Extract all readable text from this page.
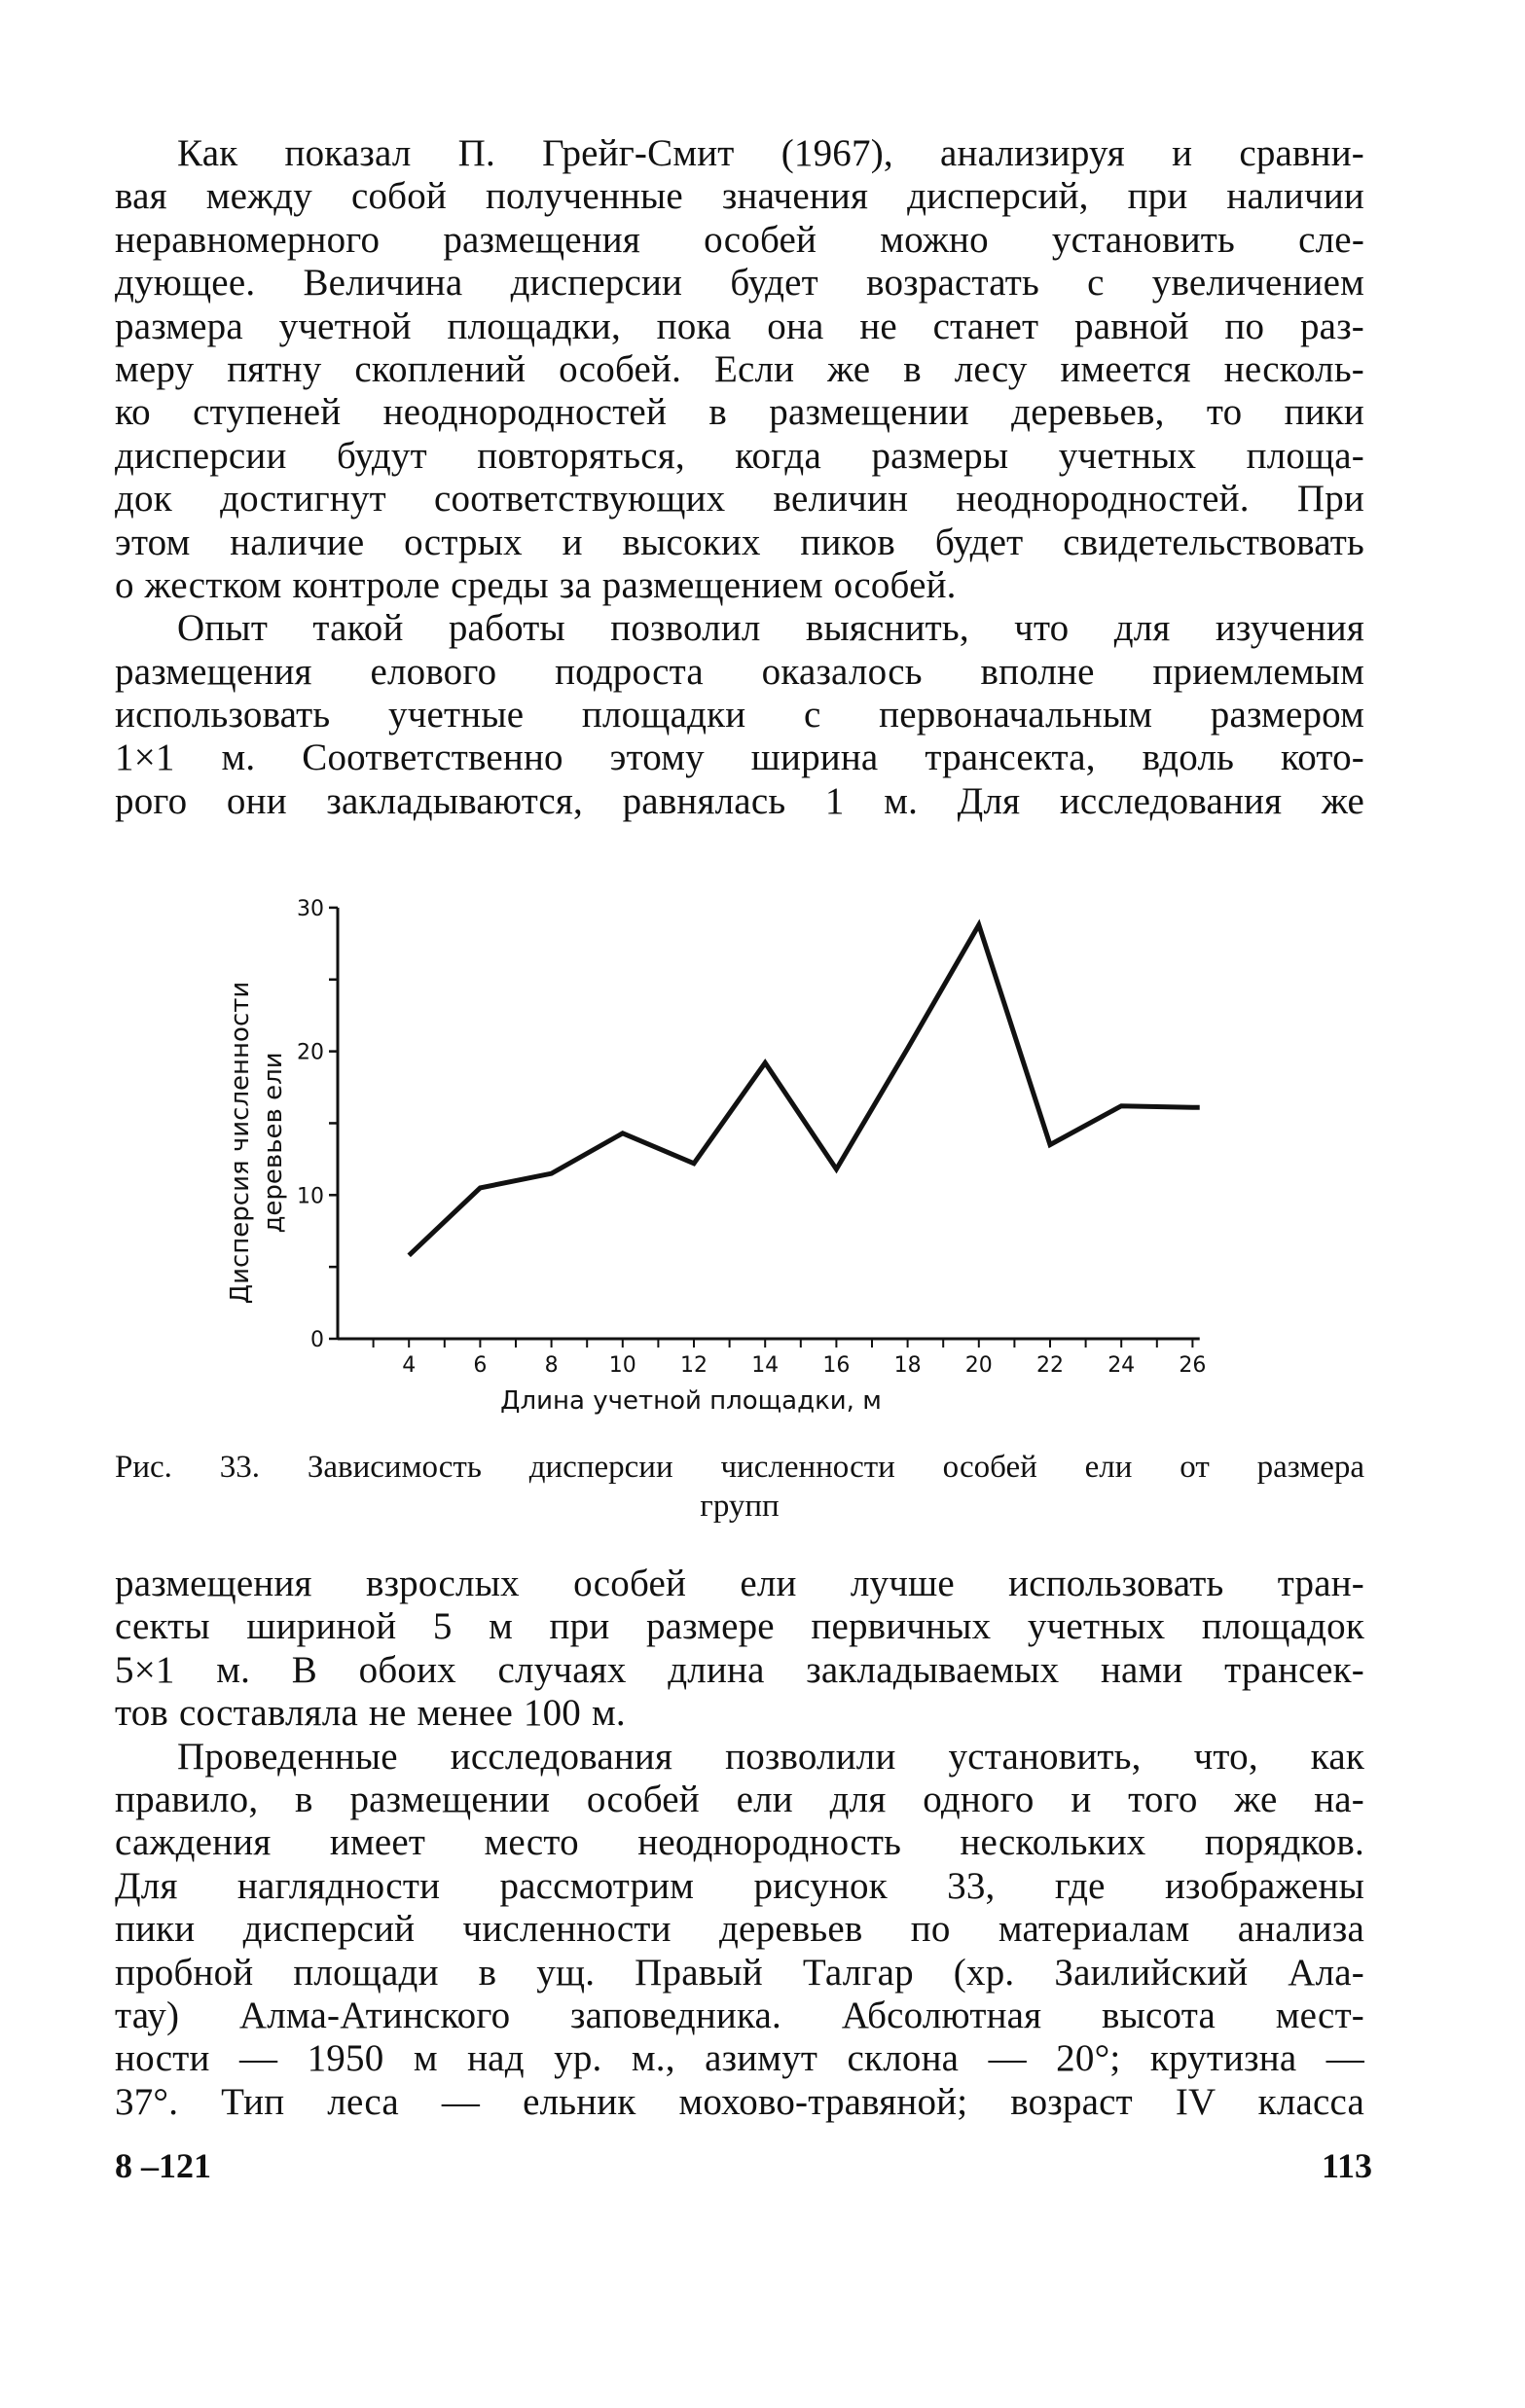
Как показал П. Грейг-Смит (1967), анализируя и сравни-
вая между собой полученные значения дисперсий, при наличии
неравномерного размещения особей можно установить сле-
дующее. Величина дисперсии будет возрастать с увеличением
размера учетной площадки, пока она не станет равной по раз-
меру пятну скоплений особей. Если же в лесу имеется несколь-
ко ступеней неоднородностей в размещении деревьев, то пики
дисперсии будут повторяться, когда размеры учетных площа-
док достигнут соответствующих величин неоднородностей. При
этом наличие острых и высоких пиков будет свидетельствовать
о жестком контроле среды за размещением особей.
Опыт такой работы позволил выяснить, что для изучения
размещения елового подроста оказалось вполне приемлемым
использовать учетные площадки с первоначальным размером
1×1 м. Соответственно этому ширина трансекта, вдоль кото-
рого они закладываются, равнялась 1 м. Для исследования же
Дисперсия численности деревьев ели
0
10
20
30
4	6	8 10 12 14 16 18 20 22 24 26
Длина учетной площадки, м
Рис. 33. Зависимость дисперсии численности особей ели от размера
групп
размещения взрослых особей ели лучше использовать тран-
секты шириной 5 м при размере первичных учетных площадок
5×1 м. В обоих случаях длина закладываемых нами трансек-
тов составляла не менее 100 м.
Проведенные исследования позволили установить, что, как
правило, в размещении особей ели для одного и того же на-
саждения имеет место неоднородность нескольких порядков.
Для наглядности рассмотрим рисунок 33, где изображены
пики дисперсий численности деревьев по материалам анализа
пробной площади в ущ. Правый Талгар (хр. Заилийский Ала-
тау) Алма-Атинского заповедника. Абсолютная высота мест-
ности — 1950 м над ур. м., азимут склона — 20°; крутизна —
37°. Тип леса — ельник мохово-травяной; возраст IV класса
8 –121	113
